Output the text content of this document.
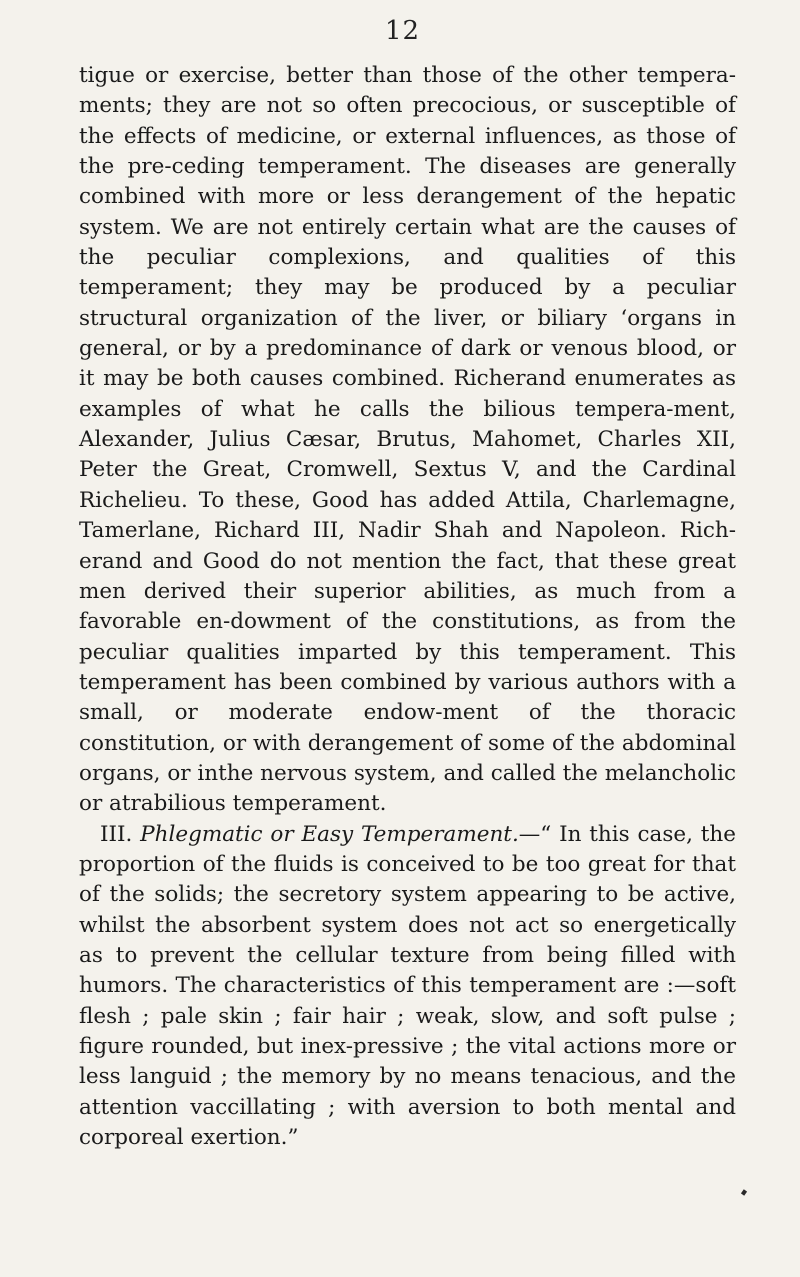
12

tigue or exercise, better than those of the other tempera-ments; they are not so often precocious, or susceptible of the effects of medicine, or external influences, as those of the pre-ceding temperament. The diseases are generally combined with more or less derangement of the hepatic system. We are not entirely certain what are the causes of the peculiar complexions, and qualities of this temperament; they may be produced by a peculiar structural organization of the liver, or biliary ‘organs in general, or by a predominance of dark or venous blood, or it may be both causes combined. Richerand enumerates as examples of what he calls the bilious tempera-ment, Alexander, Julius Cæsar, Brutus, Mahomet, Charles XII, Peter the Great, Cromwell, Sextus V, and the Cardinal Richelieu. To these, Good has added Attila, Charlemagne, Tamerlane, Richard III, Nadir Shah and Napoleon. Rich-erand and Good do not mention the fact, that these great men derived their superior abilities, as much from a favorable en-dowment of the constitutions, as from the peculiar qualities imparted by this temperament. This temperament has been combined by various authors with a small, or moderate endow-ment of the thoracic constitution, or with derangement of some of the abdominal organs, or inthe nervous system, and called the melancholic or atrabilious temperament.

III. Phlegmatic or Easy Temperament.—“ In this case, the proportion of the fluids is conceived to be too great for that of the solids; the secretory system appearing to be active, whilst the absorbent system does not act so energetically as to prevent the cellular texture from being filled with humors. The characteristics of this temperament are :—soft flesh ; pale skin ; fair hair ; weak, slow, and soft pulse ; figure rounded, but inex-pressive ; the vital actions more or less languid ; the memory by no means tenacious, and the attention vaccillating ; with aversion to both mental and corporeal exertion.”
